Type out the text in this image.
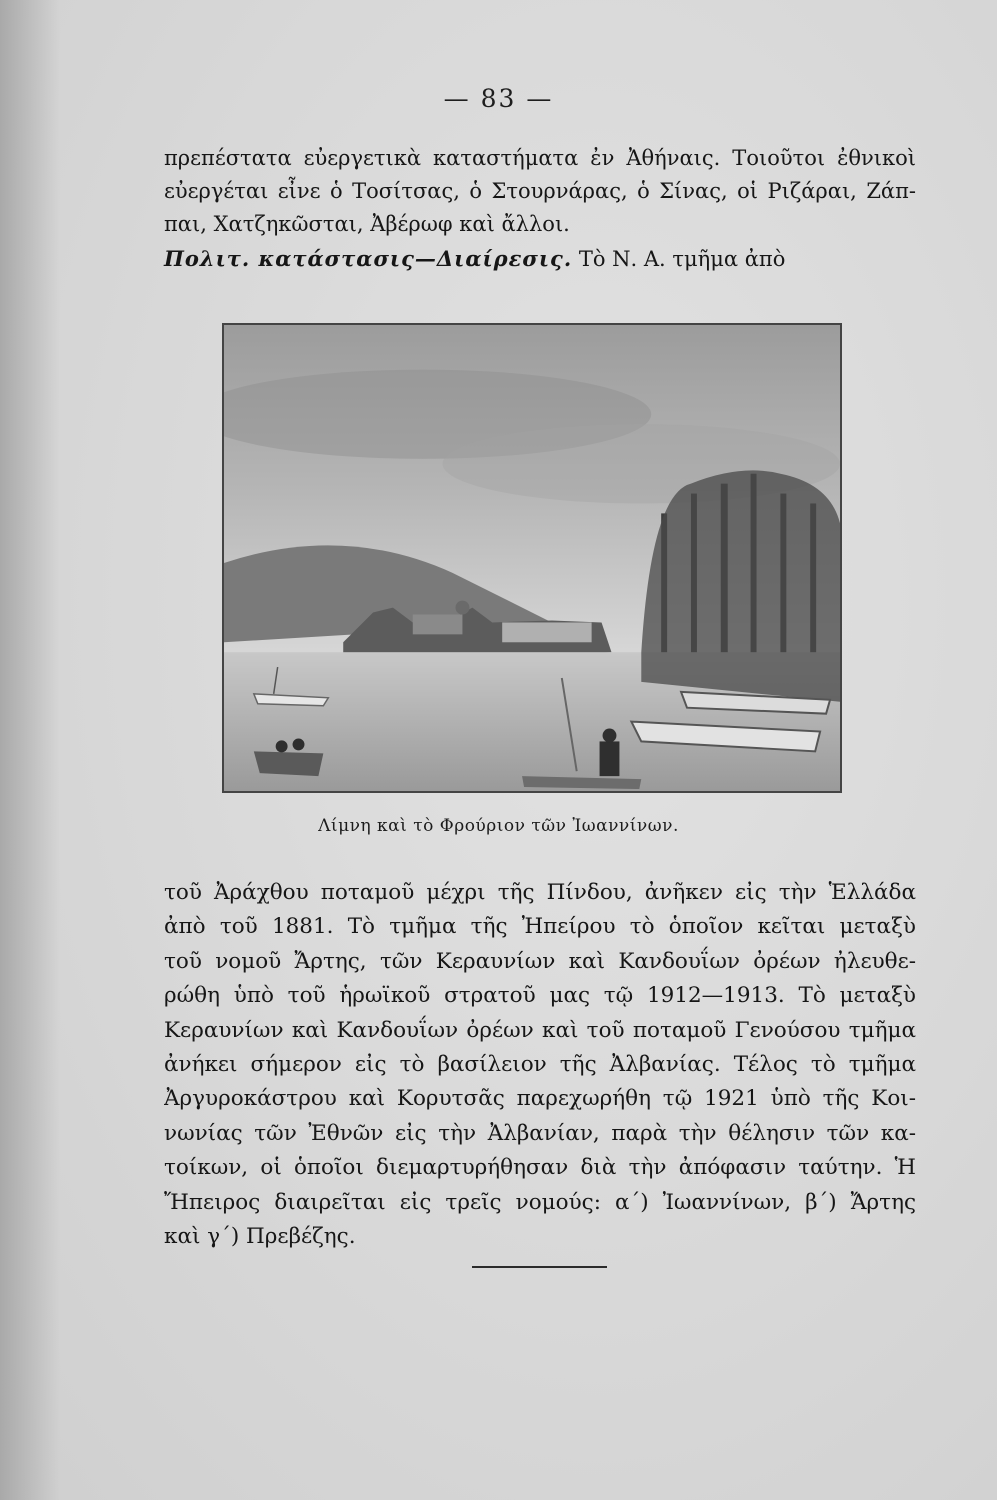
— 83 —
πρεπέστατα εὐεργετικὰ καταστήματα ἐν Ἀθήναις. Τοιοῦτοι ἐθνικοὶ
εὐεργέται εἶνε ὁ Τοσίτσας, ὁ Στουρνάρας, ὁ Σίνας, οἱ Ριζάραι, Ζάπ-
παι, Χατζηκῶσται, Ἀβέρωφ καὶ ἄλλοι.
Πολιτ. κατάστασις—Διαίρεσις. Τὸ Ν. Α. τμῆμα ἀπὸ
Λίμνη καὶ τὸ Φρούριον τῶν Ἰωαννίνων.
τοῦ Ἀράχθου ποταμοῦ μέχρι τῆς Πίνδου, ἀνῆκεν εἰς τὴν Ἑλλάδα
ἀπὸ τοῦ 1881. Τὸ τμῆμα τῆς Ἠπείρου τὸ ὁποῖον κεῖται μεταξὺ
τοῦ νομοῦ Ἄρτης, τῶν Κεραυνίων καὶ Κανδουΐων ὀρέων ἠλευθε-
ρώθη ὑπὸ τοῦ ἡρωϊκοῦ στρατοῦ μας τῷ 1912—1913. Τὸ μεταξὺ
Κεραυνίων καὶ Κανδουΐων ὀρέων καὶ τοῦ ποταμοῦ Γενούσου τμῆμα
ἀνήκει σήμερον εἰς τὸ βασίλειον τῆς Ἀλβανίας. Τέλος τὸ τμῆμα
Ἀργυροκάστρου καὶ Κορυτσᾶς παρεχωρήθη τῷ 1921 ὑπὸ τῆς Κοι-
νωνίας τῶν Ἐθνῶν εἰς τὴν Ἀλβανίαν, παρὰ τὴν θέλησιν τῶν κα-
τοίκων, οἱ ὁποῖοι διεμαρτυρήθησαν διὰ τὴν ἀπόφασιν ταύτην. Ἡ
Ἤπειρος διαιρεῖται εἰς τρεῖς νομούς: α΄) Ἰωαννίνων, β΄) Ἄρτης
καὶ γ΄) Πρεβέζης.
